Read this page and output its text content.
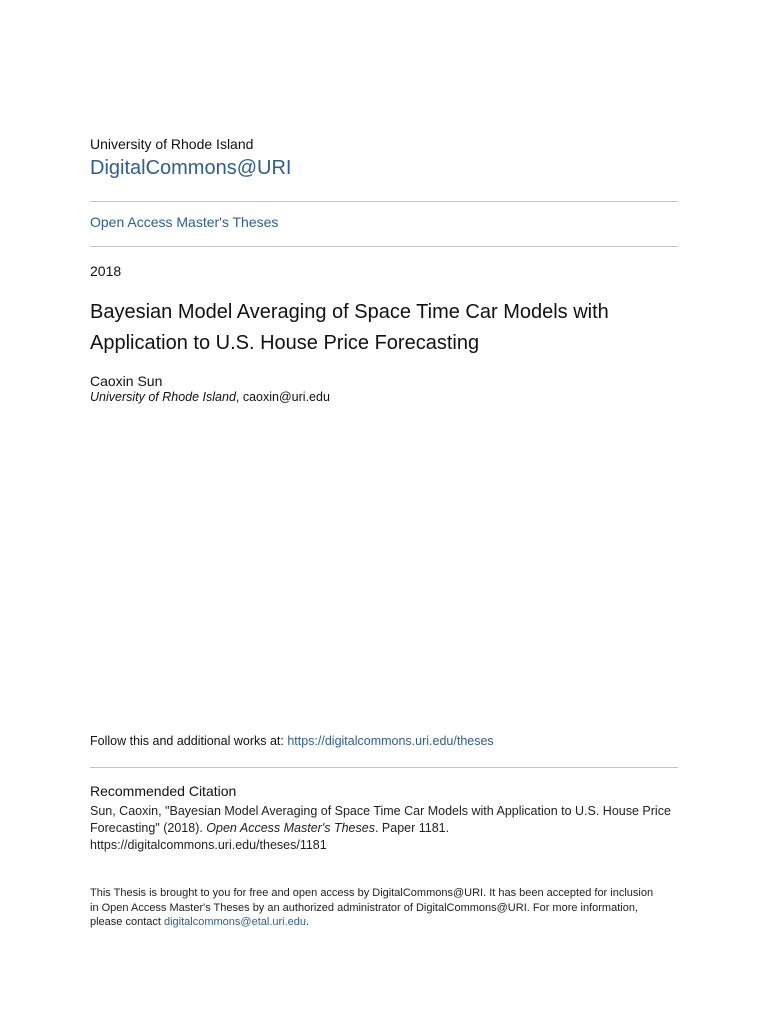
University of Rhode Island
DigitalCommons@URI
Open Access Master's Theses
2018
Bayesian Model Averaging of Space Time Car Models with
Application to U.S. House Price Forecasting
Caoxin Sun
University of Rhode Island, caoxin@uri.edu
Follow this and additional works at: https://digitalcommons.uri.edu/theses
Recommended Citation
Sun, Caoxin, "Bayesian Model Averaging of Space Time Car Models with Application to U.S. House Price
Forecasting" (2018). Open Access Master's Theses. Paper 1181.
https://digitalcommons.uri.edu/theses/1181
This Thesis is brought to you for free and open access by DigitalCommons@URI. It has been accepted for inclusion
in Open Access Master's Theses by an authorized administrator of DigitalCommons@URI. For more information,
please contact digitalcommons@etal.uri.edu.
